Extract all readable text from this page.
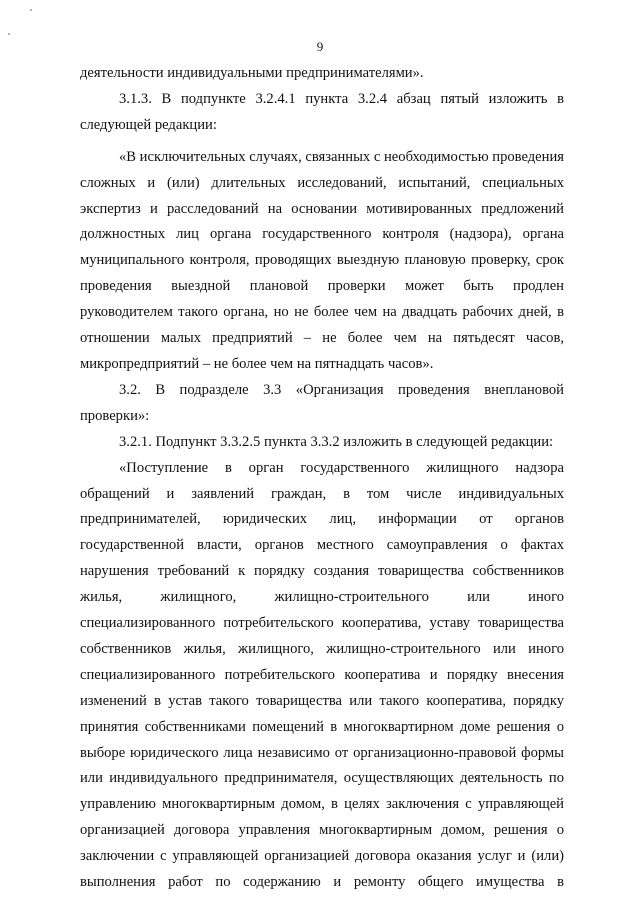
9

деятельности индивидуальными предпринимателями».

3.1.3. В подпункте 3.2.4.1 пункта 3.2.4 абзац пятый изложить в следующей редакции:

«В исключительных случаях, связанных с необходимостью проведения сложных и (или) длительных исследований, испытаний, специальных экспертиз и расследований на основании мотивированных предложений должностных лиц органа государственного контроля (надзора), органа муниципального контроля, проводящих выездную плановую проверку, срок проведения выездной плановой проверки может быть продлен руководителем такого органа, но не более чем на двадцать рабочих дней, в отношении малых предприятий – не более чем на пятьдесят часов, микропредприятий – не более чем на пятнадцать часов».

3.2. В подразделе 3.3 «Организация проведения внеплановой проверки»:

3.2.1. Подпункт 3.3.2.5 пункта 3.3.2 изложить в следующей редакции:

«Поступление в орган государственного жилищного надзора обращений и заявлений граждан, в том числе индивидуальных предпринимателей, юридических лиц, информации от органов государственной власти, органов местного самоуправления о фактах нарушения требований к порядку создания товарищества собственников жилья, жилищного, жилищно-строительного или иного специализированного потребительского кооператива, уставу товарищества собственников жилья, жилищного, жилищно-строительного или иного специализированного потребительского кооператива и порядку внесения изменений в устав такого товарищества или такого кооператива, порядку принятия собственниками помещений в многоквартирном доме решения о выборе юридического лица независимо от организационно-правовой формы или индивидуального предпринимателя, осуществляющих деятельность по управлению многоквартирным домом, в целях заключения с управляющей организацией договора управления многоквартирным домом, решения о заключении с управляющей организацией договора оказания услуг и (или) выполнения работ по содержанию и ремонту общего имущества в
